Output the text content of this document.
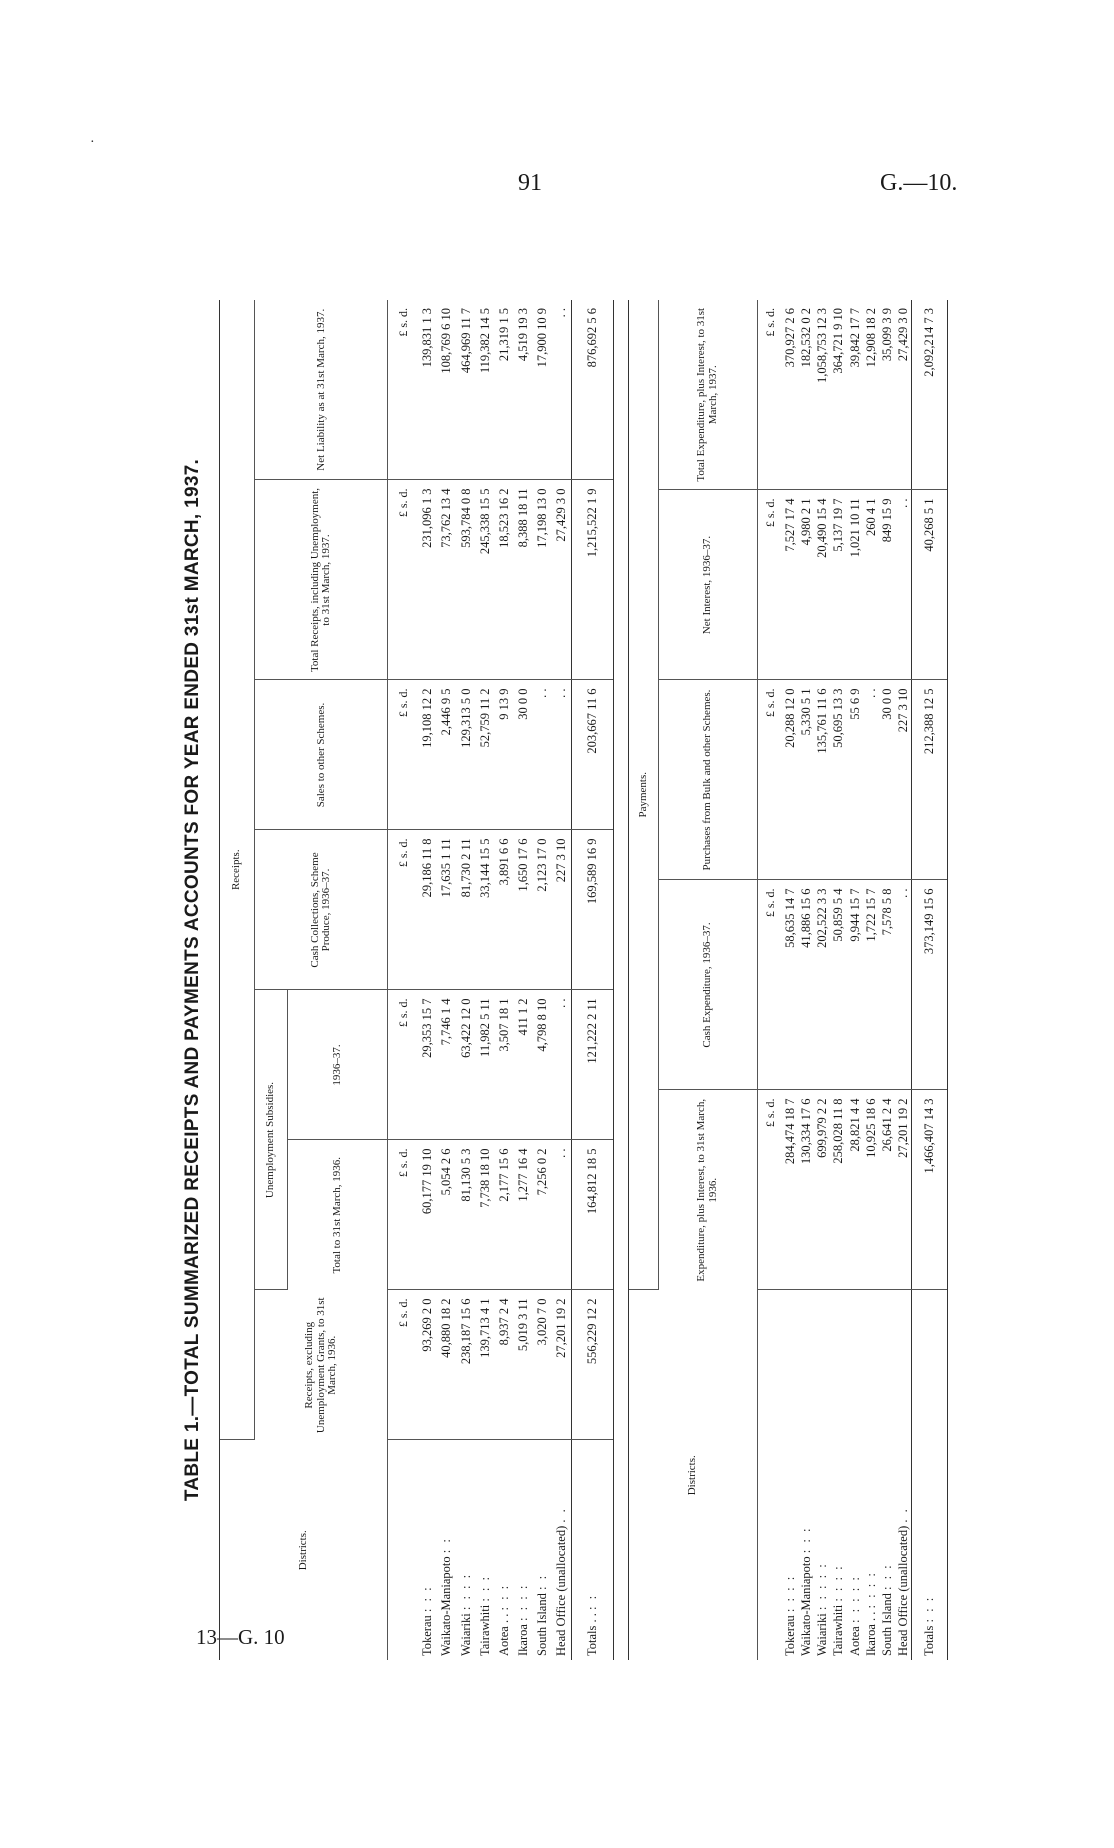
91	G.—10.
13—G. 10
·
TABLE 1.—TOTAL SUMMARIZED RECEIPTS AND PAYMENTS ACCOUNTS FOR YEAR ENDED 31st MARCH, 1937.
Districts.	Receipts.						
	Receipts, excluding Unemployment Grants, to 31st March, 1936.	Unemployment Subsidies.		Cash Collections, Scheme Produce, 1936–37.	Sales to other Schemes.	Total Receipts, including Unemployment, to 31st March, 1937.	Net Liability as at 31st March, 1937.
		Total to 31st March, 1936.	1936–37.				
	£ s. d.	£ s. d.	£ s. d.	£ s. d.	£ s. d.	£ s. d.	£ s. d.
Tokerau : : :	93,269 2 0	60,177 19 10	29,353 15 7	29,186 11 8	19,108 12 2	231,096 1 3	139,831 1 3
Waikato-Maniapoto : :	40,880 18 2	5,054 2 6	7,746 1 4	17,635 1 11	2,446 9 5	73,762 13 4	108,769 6 10
Waiariki : : : :	238,187 15 6	81,130 5 3	63,422 12 0	81,730 2 11	129,313 5 0	593,784 0 8	464,969 11 7
Tairawhiti : : :	139,713 4 1	7,738 18 10	11,982 5 11	33,144 15 5	52,759 11 2	245,338 15 5	119,382 14 5
Aotea . . : : :	8,937 2 4	2,177 15 6	3,507 18 1	3,891 6 6	9 13 9	18,523 16 2	21,319 1 5
Ikaroa : : : :	5,019 3 11	1,277 16 4	411 1 2	1,650 17 6	30 0 0	8,388 18 11	4,519 19 3
South Island : :	3,020 7 0	7,256 0 2	4,798 8 10	2,123 17 0	. .	17,198 13 0	17,900 10 9
Head Office (unallocated) . .	27,201 19 2	. .	. .	227 3 10	. .	27,429 3 0	. .
Totals . . : :	556,229 12 2	164,812 18 5	121,222 2 11	169,589 16 9	203,667 11 6	1,215,522 1 9	876,692 5 6
Districts.	Payments.				
	Expenditure, plus Interest, to 31st March, 1936.	Cash Expenditure, 1936–37.	Purchases from Bulk and other Schemes.	Net Interest, 1936–37.	Total Expenditure, plus Interest, to 31st March, 1937.
	£ s. d.	£ s. d.	£ s. d.	£ s. d.	£ s. d.
Tokerau : : : :	284,474 18 7	58,635 14 7	20,288 12 0	7,527 17 4	370,927 2 6
Waikato-Maniapoto : : :	130,334 17 6	41,886 15 6	5,330 5 1	4,980 2 1	182,532 0 2
Waiariki : : : : :	699,979 2 2	202,522 3 3	135,761 11 6	20,490 15 4	1,058,753 12 3
Tairawhiti : : : :	258,028 11 8	50,859 5 4	50,695 13 3	5,137 19 7	364,721 9 10
Aotea : : : : :	28,821 4 4	9,944 15 7	55 6 9	1,021 10 11	39,842 17 7
Ikaroa . . : : : :	10,925 18 6	1,722 15 7	. .	260 4 1	12,908 18 2
South Island : : :	26,641 2 4	7,578 5 8	30 0 0	849 15 9	35,099 3 9
Head Office (unallocated) . .	27,201 19 2	. .	227 3 10	. .	27,429 3 0
Totals : : :	1,466,407 14 3	373,149 15 6	212,388 12 5	40,268 5 1	2,092,214 7 3
